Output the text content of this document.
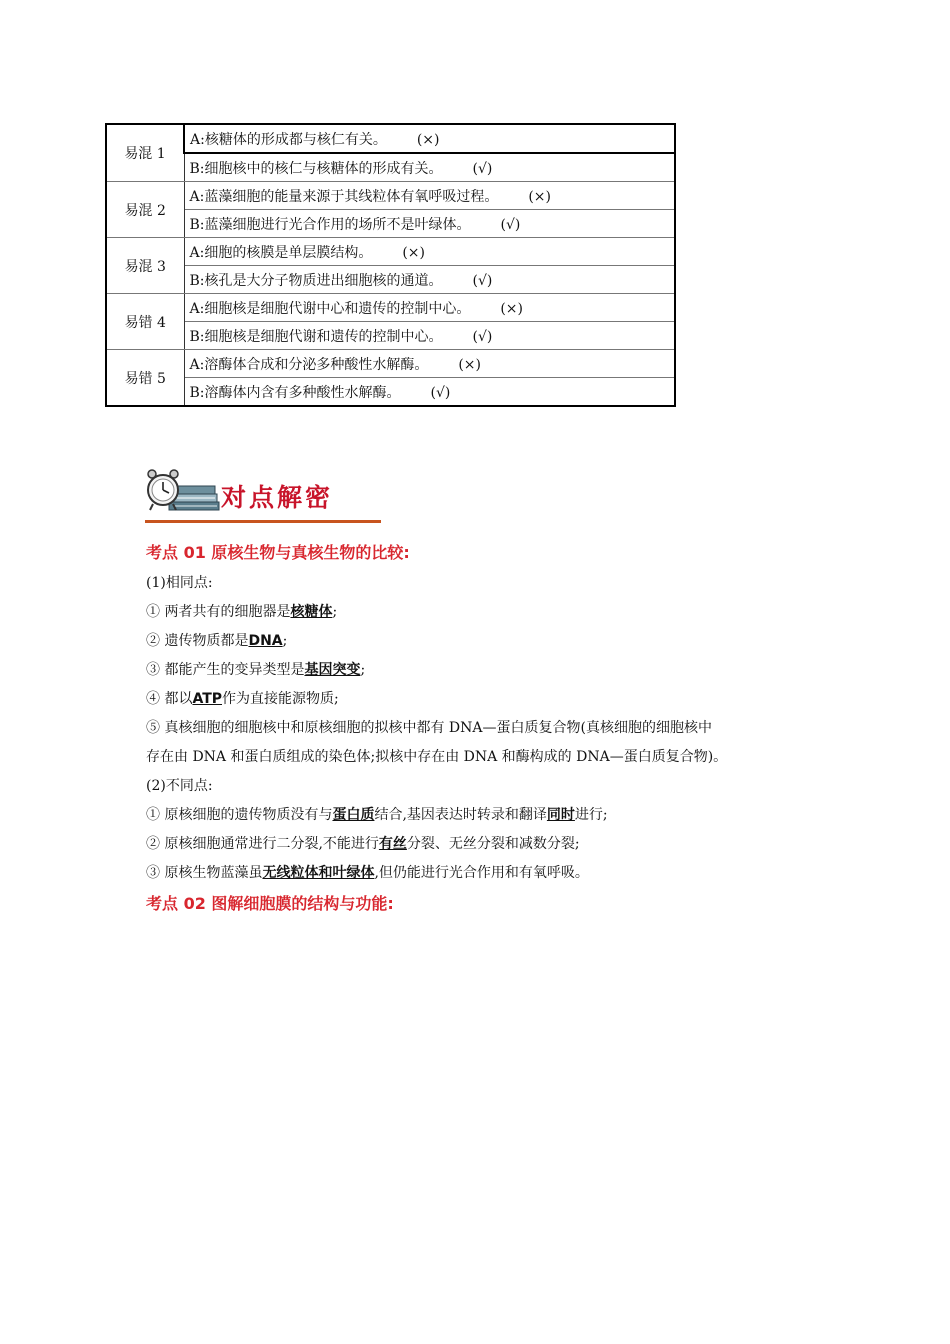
易混 1	A:核糖体的形成都与核仁有关。 (×)
	B:细胞核中的核仁与核糖体的形成有关。 (√)
易混 2	A:蓝藻细胞的能量来源于其线粒体有氧呼吸过程。 (×)
	B:蓝藻细胞进行光合作用的场所不是叶绿体。 (√)
易混 3	A:细胞的核膜是单层膜结构。 (×)
	B:核孔是大分子物质进出细胞核的通道。 (√)
易错 4	A:细胞核是细胞代谢中心和遗传的控制中心。 (×)
	B:细胞核是细胞代谢和遗传的控制中心。 (√)
易错 5	A:溶酶体合成和分泌多种酸性水解酶。 (×)
	B:溶酶体内含有多种酸性水解酶。 (√)
对点解密
考点 01 原核生物与真核生物的比较:
(1)相同点:
① 两者共有的细胞器是核糖体;
② 遗传物质都是DNA;
③ 都能产生的变异类型是基因突变;
④ 都以ATP作为直接能源物质;
⑤ 真核细胞的细胞核中和原核细胞的拟核中都有 DNA—蛋白质复合物(真核细胞的细胞核中
存在由 DNA 和蛋白质组成的染色体;拟核中存在由 DNA 和酶构成的 DNA—蛋白质复合物)。
(2)不同点:
① 原核细胞的遗传物质没有与蛋白质结合,基因表达时转录和翻译同时进行;
② 原核细胞通常进行二分裂,不能进行有丝分裂、无丝分裂和减数分裂;
③ 原核生物蓝藻虽无线粒体和叶绿体,但仍能进行光合作用和有氧呼吸。
考点 02 图解细胞膜的结构与功能:
